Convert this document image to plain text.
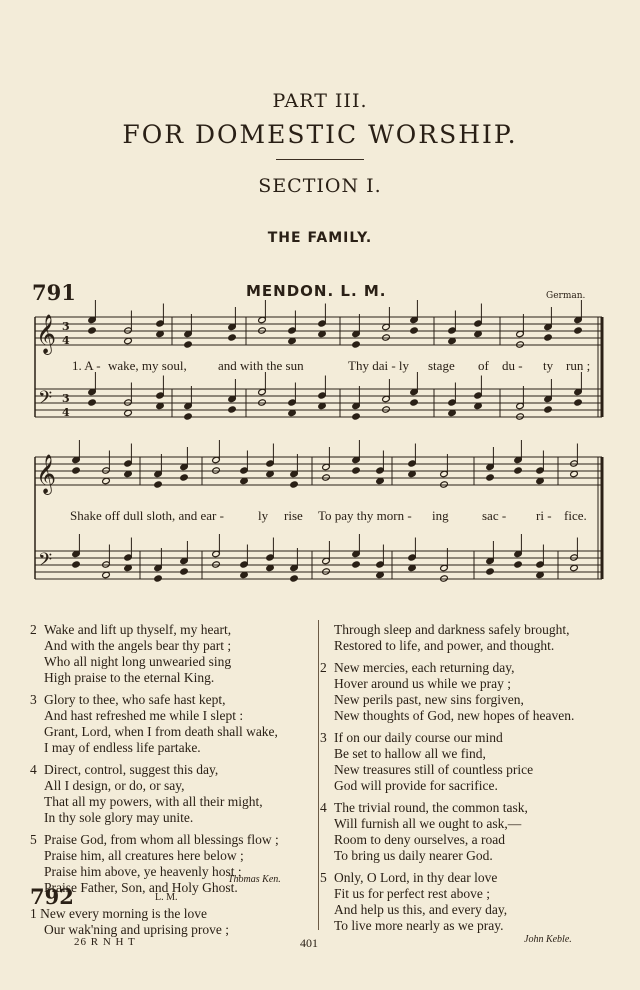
PART III.
FOR DOMESTIC WORSHIP.
SECTION I.
THE FAMILY.
791	MENDON. L. M.	German.
𝄞
𝄢
𝄞
𝄢
3
4
3
4
1. A - wake, my soul, and with the sun	Thy dai - ly stage of du - ty run ;
Shake off dull sloth, and ear -	ly rise To pay thy morn - ing	sac - ri - fice.
2 Wake and lift up thyself, my heart,
And with the angels bear thy part ;
Who all night long unwearied sing
High praise to the eternal King.
3 Glory to thee, who safe hast kept,
And hast refreshed me while I slept :
Grant, Lord, when I from death shall wake,
I may of endless life partake.
4 Direct, control, suggest this day,
All I design, or do, or say,
That all my powers, with all their might,
In thy sole glory may unite.
5 Praise God, from whom all blessings flow ;
Praise him, all creatures here below ;
Praise him above, ye heavenly host ;
Praise Father, Son, and Holy Ghost.
Thomas Ken.
792	L. M.
1 New every morning is the love
Our wak'ning and uprising prove ;
Through sleep and darkness safely brought,
Restored to life, and power, and thought.
2 New mercies, each returning day,
Hover around us while we pray ;
New perils past, new sins forgiven,
New thoughts of God, new hopes of heaven.
3 If on our daily course our mind
Be set to hallow all we find,
New treasures still of countless price
God will provide for sacrifice.
4 The trivial round, the common task,
Will furnish all we ought to ask,—
Room to deny ourselves, a road
To bring us daily nearer God.
5 Only, O Lord, in thy dear love
Fit us for perfect rest above ;
And help us this, and every day,
To live more nearly as we pray.
John Keble.
26 R N H T	401
